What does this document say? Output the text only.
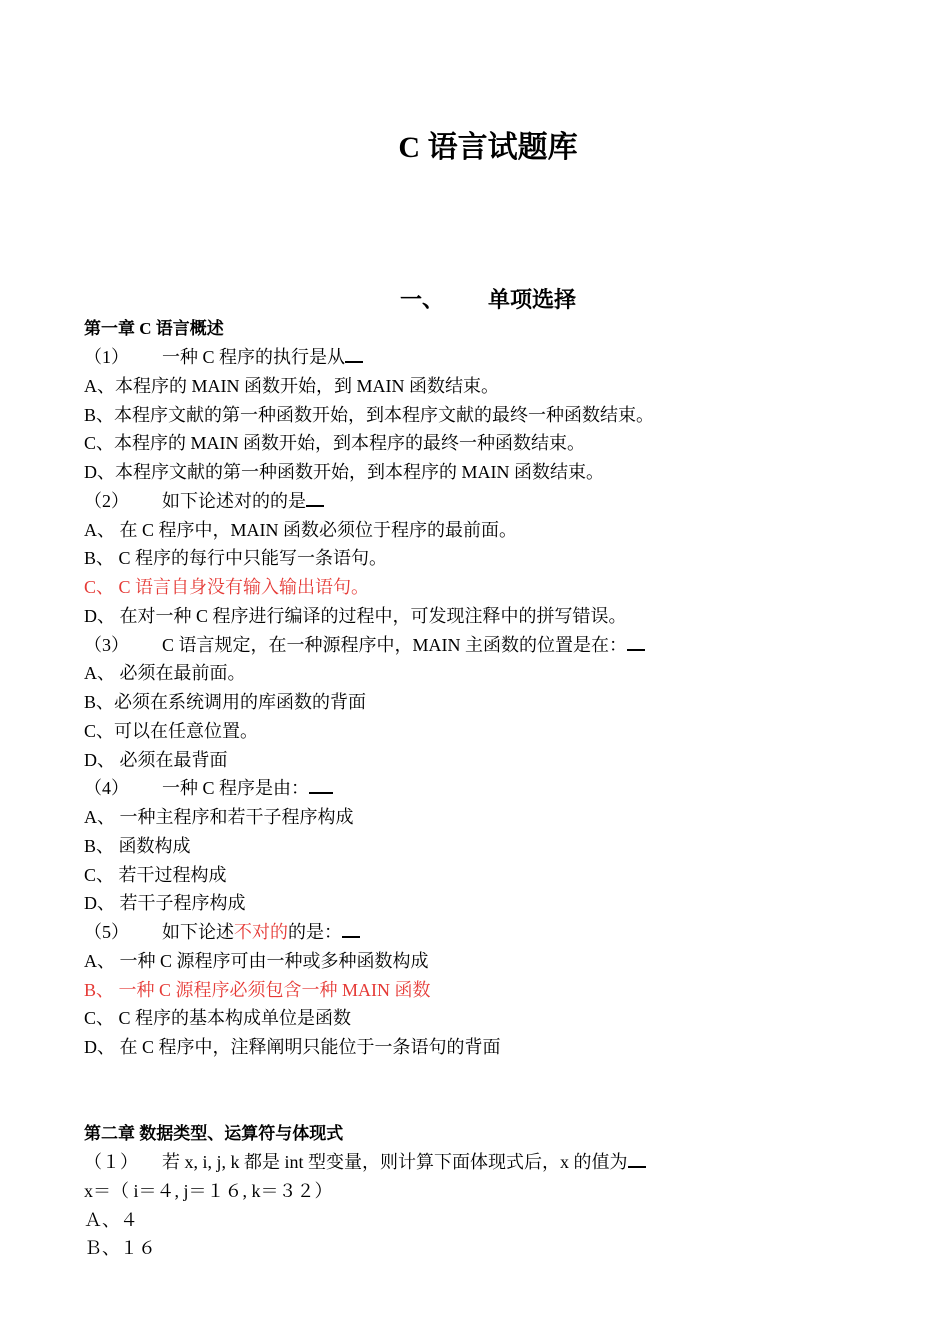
C 语言试题库
一、 单项选择
第一章 C 语言概述
（1） 一种 C 程序的执行是从
A、本程序的 MAIN 函数开始，到 MAIN 函数结束。
B、本程序文献的第一种函数开始，到本程序文献的最终一种函数结束。
C、本程序的 MAIN 函数开始，到本程序的最终一种函数结束。
D、本程序文献的第一种函数开始，到本程序的 MAIN 函数结束。
（2） 如下论述对的的是
A、 在 C 程序中，MAIN 函数必须位于程序的最前面。
B、 C 程序的每行中只能写一条语句。
C、 C 语言自身没有输入输出语句。
D、 在对一种 C 程序进行编译的过程中，可发现注释中的拼写错误。
（3） C 语言规定，在一种源程序中，MAIN 主函数的位置是在：
A、 必须在最前面。
B、必须在系统调用的库函数的背面
C、可以在任意位置。
D、 必须在最背面
（4） 一种 C 程序是由：
A、 一种主程序和若干子程序构成
B、 函数构成
C、 若干过程构成
D、 若干子程序构成
（5） 如下论述不对的的是：
A、 一种 C 源程序可由一种或多种函数构成
B、 一种 C 源程序必须包含一种 MAIN 函数
C、 C 程序的基本构成单位是函数
D、 在 C 程序中，注释阐明只能位于一条语句的背面
第二章 数据类型、运算符与体现式
（１） 若 x, i, j, k 都是 int 型变量，则计算下面体现式后，x 的值为
x＝（ i＝４, j＝１６, k＝３２）
Ａ、４
Ｂ、１６
